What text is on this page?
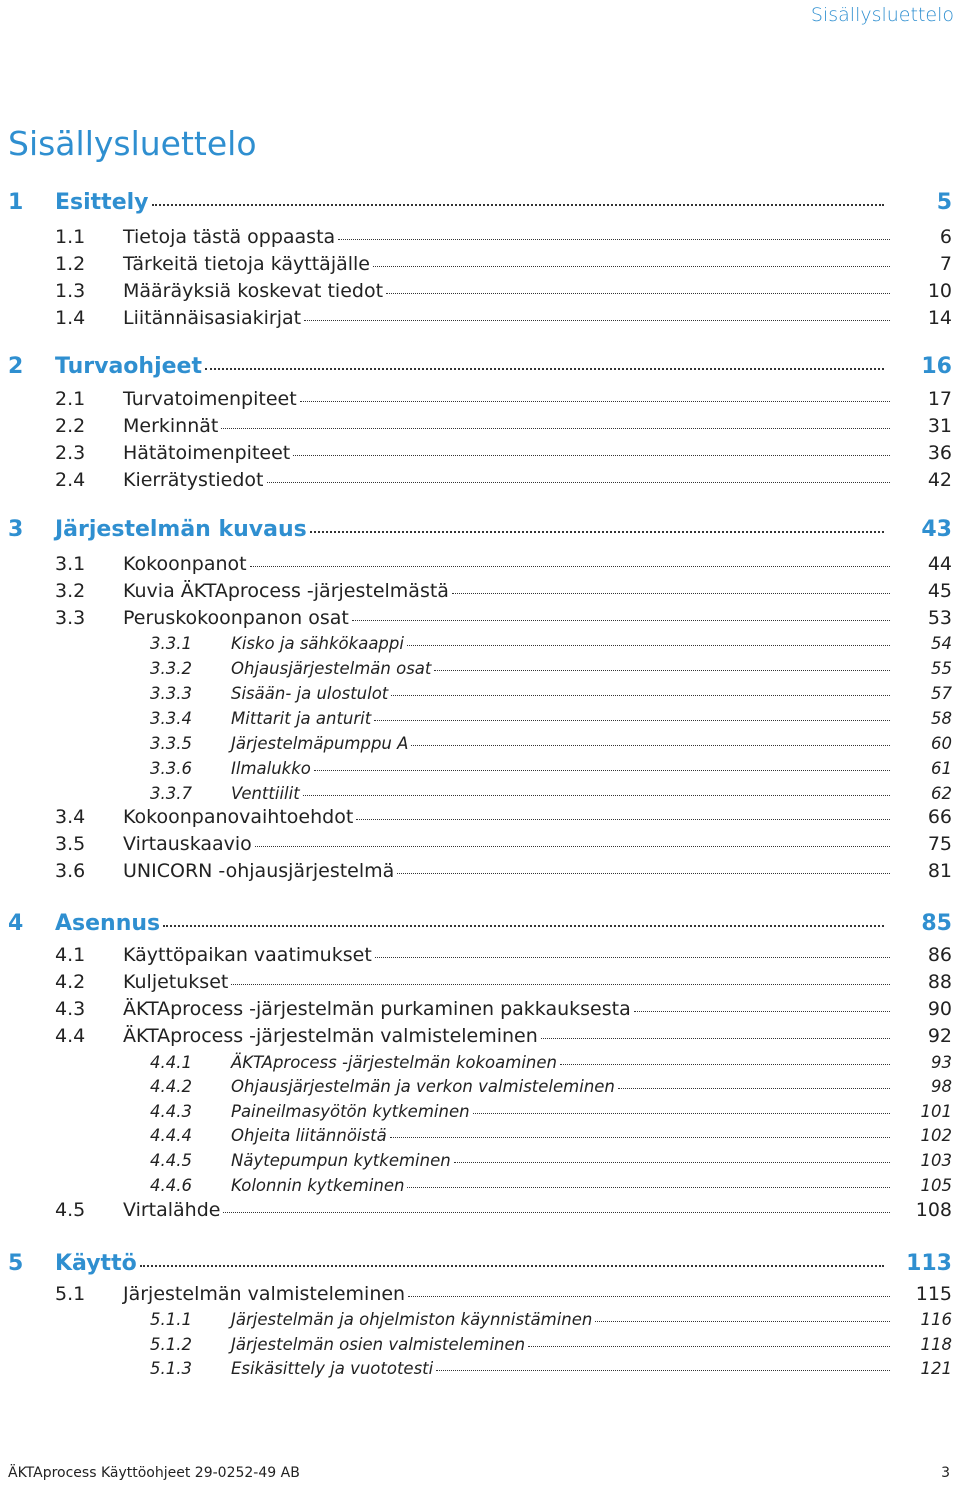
Sisällysluettelo
Sisällysluettelo
1	Esittely	5
1.1	Tietoja tästä oppaasta	6
1.2	Tärkeitä tietoja käyttäjälle	7
1.3	Määräyksiä koskevat tiedot	10
1.4	Liitännäisasiakirjat	14
2	Turvaohjeet	16
2.1	Turvatoimenpiteet	17
2.2	Merkinnät	31
2.3	Hätätoimenpiteet	36
2.4	Kierrätystiedot	42
3	Järjestelmän kuvaus	43
3.1	Kokoonpanot	44
3.2	Kuvia ÄKTAprocess -järjestelmästä	45
3.3	Peruskokoonpanon osat	53
3.3.1	Kisko ja sähkökaappi	54
3.3.2	Ohjausjärjestelmän osat	55
3.3.3	Sisään- ja ulostulot	57
3.3.4	Mittarit ja anturit	58
3.3.5	Järjestelmäpumppu A	60
3.3.6	Ilmalukko	61
3.3.7	Venttiilit	62
3.4	Kokoonpanovaihtoehdot	66
3.5	Virtauskaavio	75
3.6	UNICORN -ohjausjärjestelmä	81
4	Asennus	85
4.1	Käyttöpaikan vaatimukset	86
4.2	Kuljetukset	88
4.3	ÄKTAprocess -järjestelmän purkaminen pakkauksesta	90
4.4	ÄKTAprocess -järjestelmän valmisteleminen	92
4.4.1	ÄKTAprocess -järjestelmän kokoaminen	93
4.4.2	Ohjausjärjestelmän ja verkon valmisteleminen	98
4.4.3	Paineilmasyötön kytkeminen	101
4.4.4	Ohjeita liitännöistä	102
4.4.5	Näytepumpun kytkeminen	103
4.4.6	Kolonnin kytkeminen	105
4.5	Virtalähde	108
5	Käyttö	113
5.1	Järjestelmän valmisteleminen	115
5.1.1	Järjestelmän ja ohjelmiston käynnistäminen	116
5.1.2	Järjestelmän osien valmisteleminen	118
5.1.3	Esikäsittely ja vuototesti	121
ÄKTAprocess Käyttöohjeet 29-0252-49 AB	3
